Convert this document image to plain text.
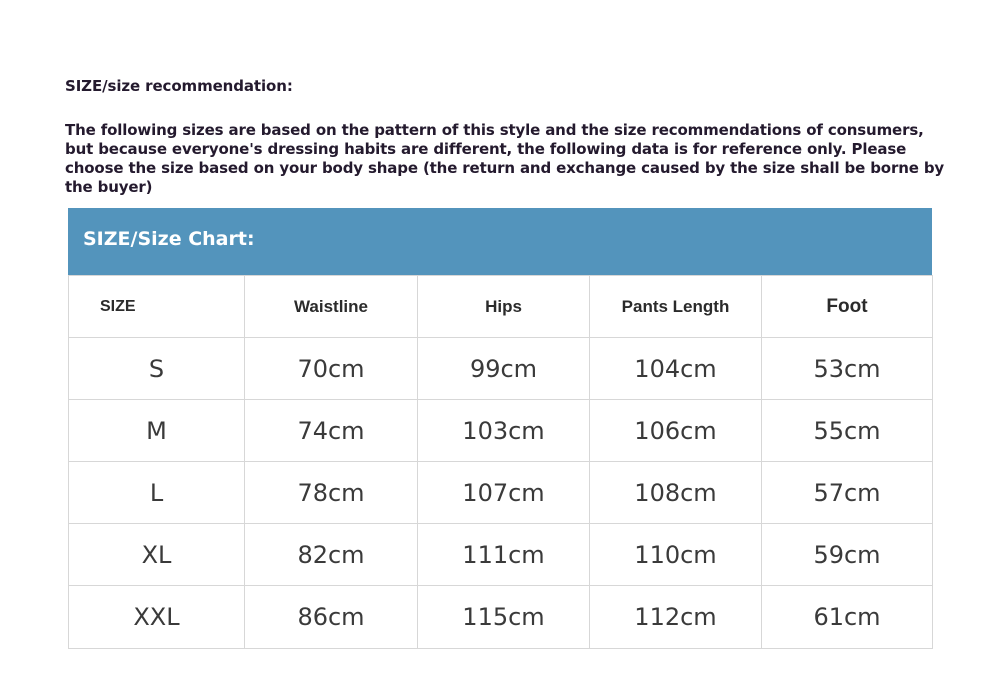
SIZE/size recommendation:
The following sizes are based on the pattern of this style and the size recommendations of consumers, but because everyone's dressing habits are different, the following data is for reference only. Please choose the size based on your body shape (the return and exchange caused by the size shall be borne by the buyer)
SIZE/Size Chart:
SIZE	Waistline	Hips	Pants Length	Foot
S	70cm	99cm	104cm	53cm
M	74cm	103cm	106cm	55cm
L	78cm	107cm	108cm	57cm
XL	82cm	111cm	110cm	59cm
XXL	86cm	115cm	112cm	61cm
